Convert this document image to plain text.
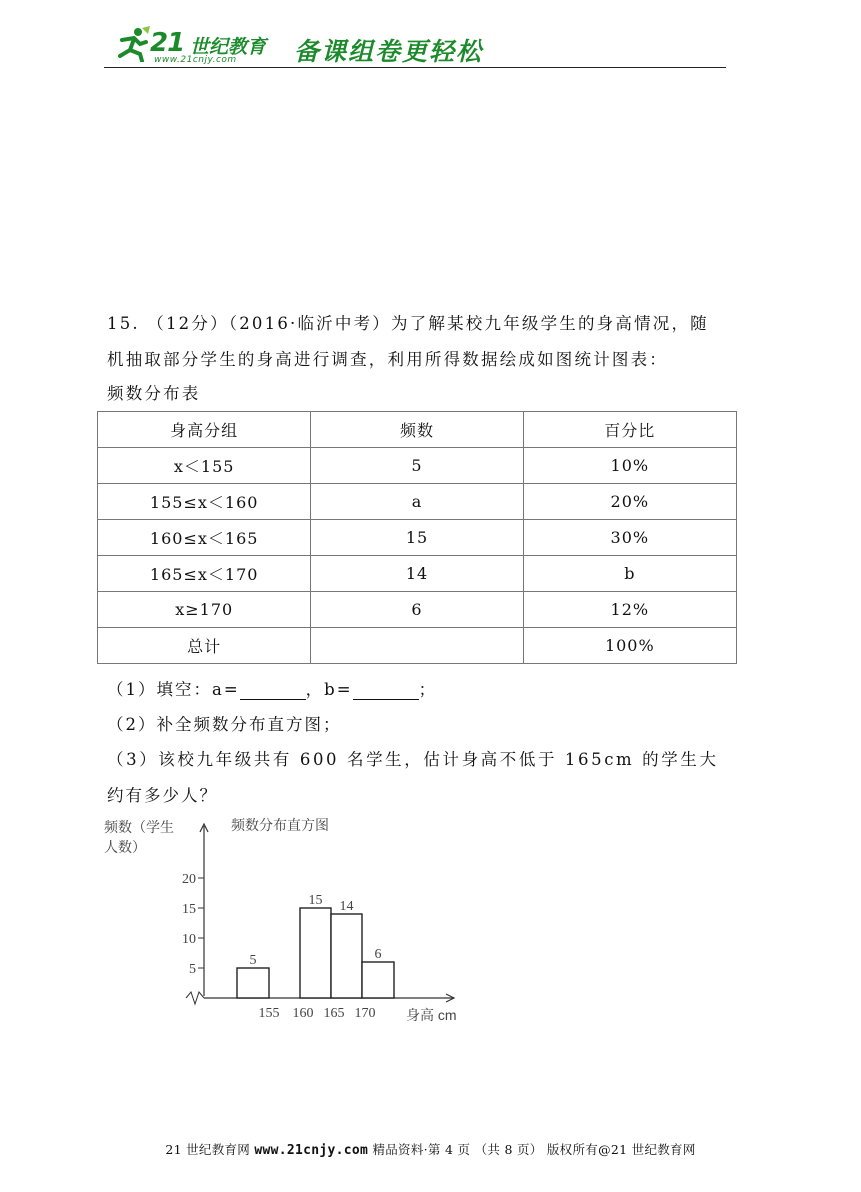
21 世纪教育
www.21cnjy.com 备课组卷更轻松
15. （12分）（2016·临沂中考）为了解某校九年级学生的身高情况，随
机抽取部分学生的身高进行调查，利用所得数据绘成如图统计图表：
频数分布表
身高分组	频数	百分比
x＜155	5	10%
155≤x＜160	a	20%
160≤x＜165	15	30%
165≤x＜170	14	b
x≥170	6	12%
总计		100%
（1）填空：a=	，b=	；
（2）补全频数分布直方图；
（3）该校九年级共有 600 名学生，估计身高不低于 165cm 的学生大
约有多少人？
频数（学生
人数）
频数分布直方图
身高 cm
5
10
15
20
155 160 165 170
5
15 14
6
21 世纪教育网 www.21cnjy.com 精品资料·第 4 页 （共 8 页） 版权所有@21 世纪教育网
